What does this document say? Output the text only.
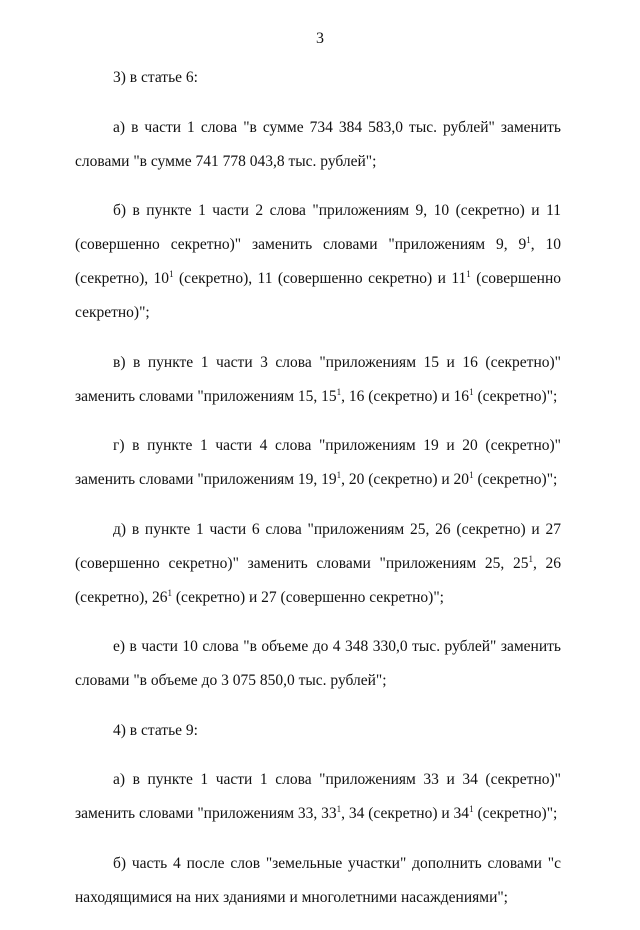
3

3) в статье 6:

а) в части 1 слова "в сумме 734 384 583,0 тыс. рублей" заменить словами "в сумме 741 778 043,8 тыс. рублей";

б) в пункте 1 части 2 слова "приложениям 9, 10 (секретно) и 11 (совершенно секретно)" заменить словами "приложениям 9, $9^1$, 10 (секретно), $10^1$ (секретно), 11 (совершенно секретно) и $11^1$ (совершенно секретно)";

в) в пункте 1 части 3 слова "приложениям 15 и 16 (секретно)" заменить словами "приложениям 15, $15^1$, 16 (секретно) и $16^1$ (секретно)";

г) в пункте 1 части 4 слова "приложениям 19 и 20 (секретно)" заменить словами "приложениям 19, $19^1$, 20 (секретно) и $20^1$ (секретно)";

д) в пункте 1 части 6 слова "приложениям 25, 26 (секретно) и 27 (совершенно секретно)" заменить словами "приложениям 25, $25^1$, 26 (секретно), $26^1$ (секретно) и 27 (совершенно секретно)";

е) в части 10 слова "в объеме до 4 348 330,0 тыс. рублей" заменить словами "в объеме до 3 075 850,0 тыс. рублей";

4) в статье 9:

а) в пункте 1 части 1 слова "приложениям 33 и 34 (секретно)" заменить словами "приложениям 33, $33^1$, 34 (секретно) и $34^1$ (секретно)";

б) часть 4 после слов "земельные участки" дополнить словами "с находящимися на них зданиями и многолетними насаждениями";
